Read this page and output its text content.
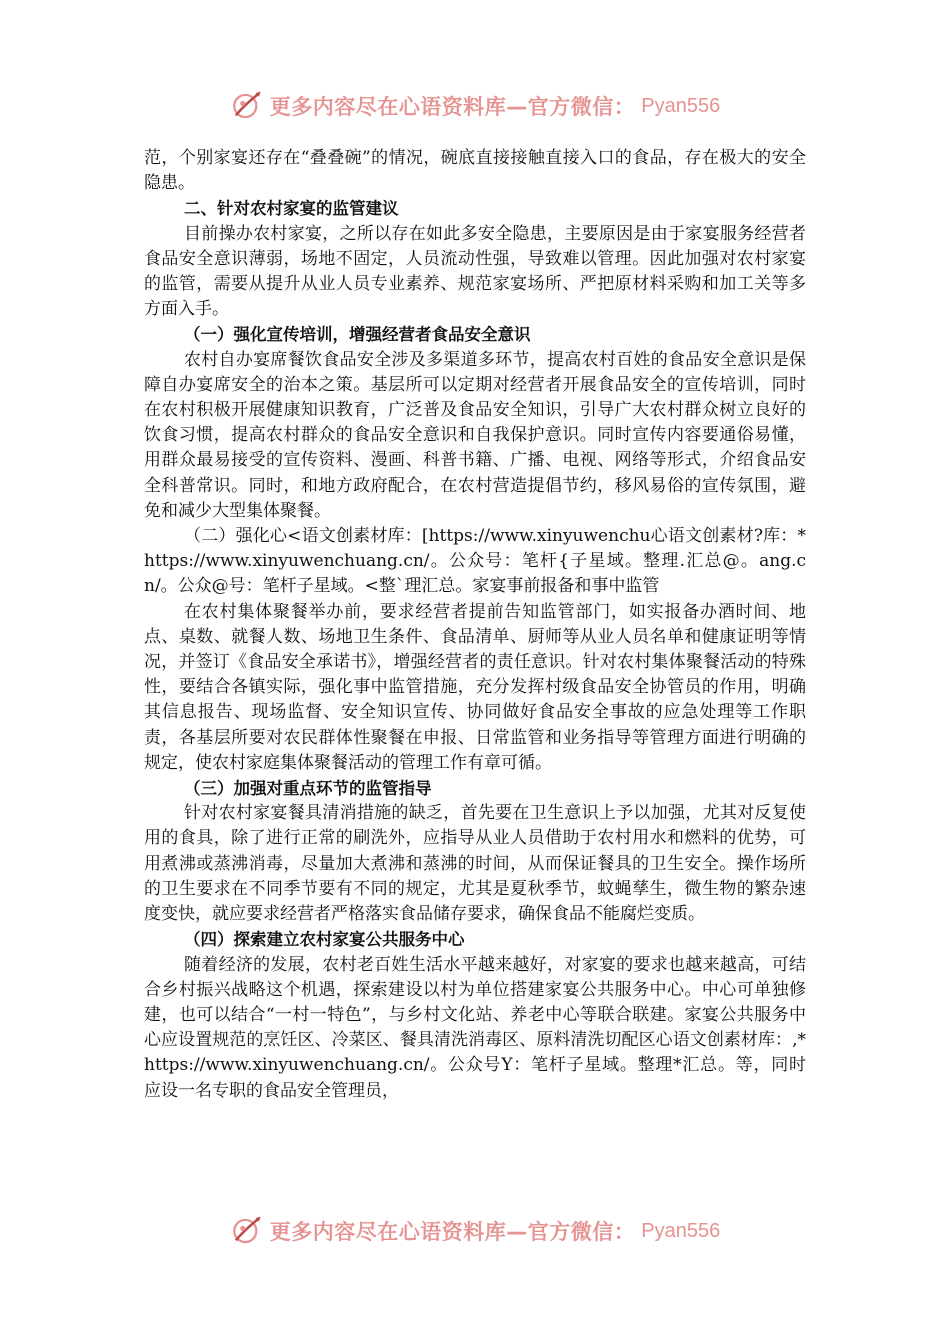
更多内容尽在心语资料库—官方微信： Pyan556

范，个别家宴还存在“叠叠碗”的情况，碗底直接接触直接入口的食品，存在极大的安全隐患。

二、针对农村家宴的监管建议

目前操办农村家宴，之所以存在如此多安全隐患，主要原因是由于家宴服务经营者食品安全意识薄弱，场地不固定，人员流动性强，导致难以管理。因此加强对农村家宴的监管，需要从提升从业人员专业素养、规范家宴场所、严把原材料采购和加工关等多方面入手。

（一）强化宣传培训，增强经营者食品安全意识

农村自办宴席餐饮食品安全涉及多渠道多环节，提高农村百姓的食品安全意识是保障自办宴席安全的治本之策。基层所可以定期对经营者开展食品安全的宣传培训，同时在农村积极开展健康知识教育，广泛普及食品安全知识，引导广大农村群众树立良好的饮食习惯，提高农村群众的食品安全意识和自我保护意识。同时宣传内容要通俗易懂，用群众最易接受的宣传资料、漫画、科普书籍、广播、电视、网络等形式，介绍食品安全科普常识。同时，和地方政府配合，在农村营造提倡节约，移风易俗的宣传氛围，避免和减少大型集体聚餐。

（二）强化心<语文创素材库：[https://www.xinyuwenchu心语文创素材?库：*https://www.xinyuwenchuang.cn/。公众号：笔杆{子星域。整理.汇总@。ang.cn/。公众@号：笔杆子星域。<整`理汇总。家宴事前报备和事中监管

在农村集体聚餐举办前，要求经营者提前告知监管部门，如实报备办酒时间、地点、桌数、就餐人数、场地卫生条件、食品清单、厨师等从业人员名单和健康证明等情况，并签订《食品安全承诺书》，增强经营者的责任意识。针对农村集体聚餐活动的特殊性，要结合各镇实际，强化事中监管措施，充分发挥村级食品安全协管员的作用，明确其信息报告、现场监督、安全知识宣传、协同做好食品安全事故的应急处理等工作职责，各基层所要对农民群体性聚餐在申报、日常监管和业务指导等管理方面进行明确的规定，使农村家庭集体聚餐活动的管理工作有章可循。

（三）加强对重点环节的监管指导

针对农村家宴餐具清消措施的缺乏，首先要在卫生意识上予以加强，尤其对反复使用的食具，除了进行正常的刷洗外，应指导从业人员借助于农村用水和燃料的优势，可用煮沸或蒸沸消毒，尽量加大煮沸和蒸沸的时间，从而保证餐具的卫生安全。操作场所的卫生要求在不同季节要有不同的规定，尤其是夏秋季节，蚊蝇孳生，微生物的繁杂速度变快，就应要求经营者严格落实食品储存要求，确保食品不能腐烂变质。

（四）探索建立农村家宴公共服务中心

随着经济的发展，农村老百姓生活水平越来越好，对家宴的要求也越来越高，可结合乡村振兴战略这个机遇，探索建设以村为单位搭建家宴公共服务中心。中心可单独修建，也可以结合“一村一特色”，与乡村文化站、养老中心等联合联建。家宴公共服务中心应设置规范的烹饪区、冷菜区、餐具清洗消毒区、原料清洗切配区心语文创素材库：,*https://www.xinyuwenchuang.cn/。公众号Y：笔杆子星域。整理*汇总。等，同时应设一名专职的食品安全管理员，

更多内容尽在心语资料库—官方微信： Pyan556
